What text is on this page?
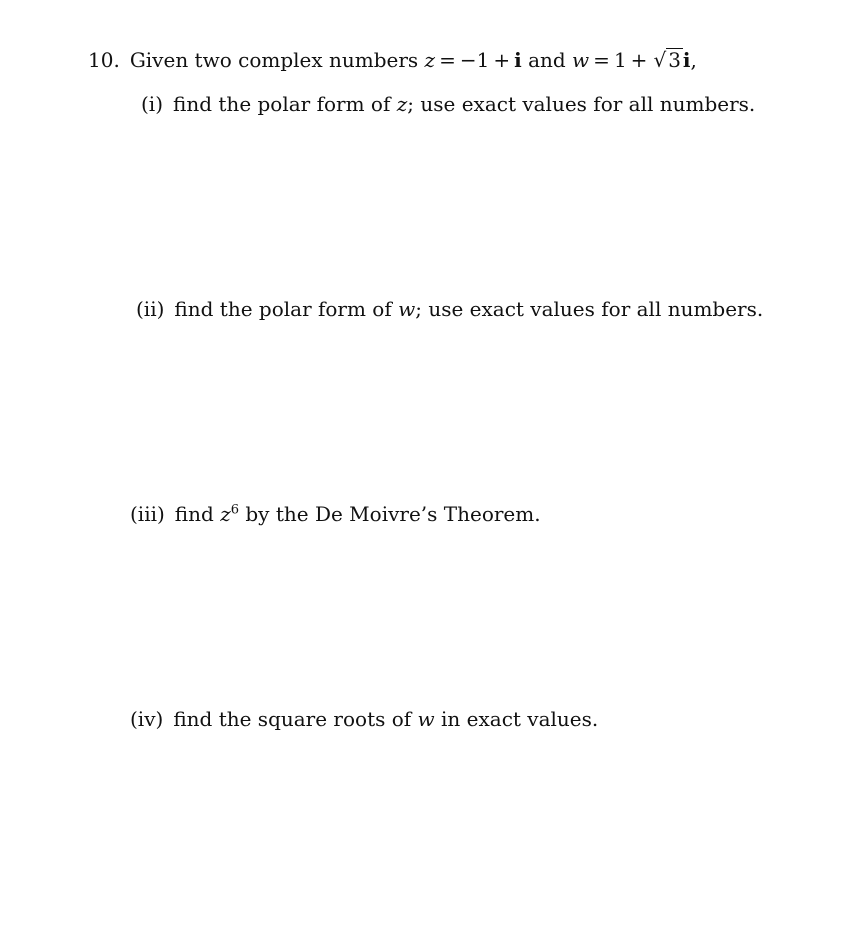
10. Given two complex numbers z = −1 + i and w = 1 + √ 3 i,
(i) find the polar form of z; use exact values for all numbers.
(ii) find the polar form of w; use exact values for all numbers.
(iii) find $z^6$ by the De Moivre’s Theorem.
(iv) find the square roots of w in exact values.
